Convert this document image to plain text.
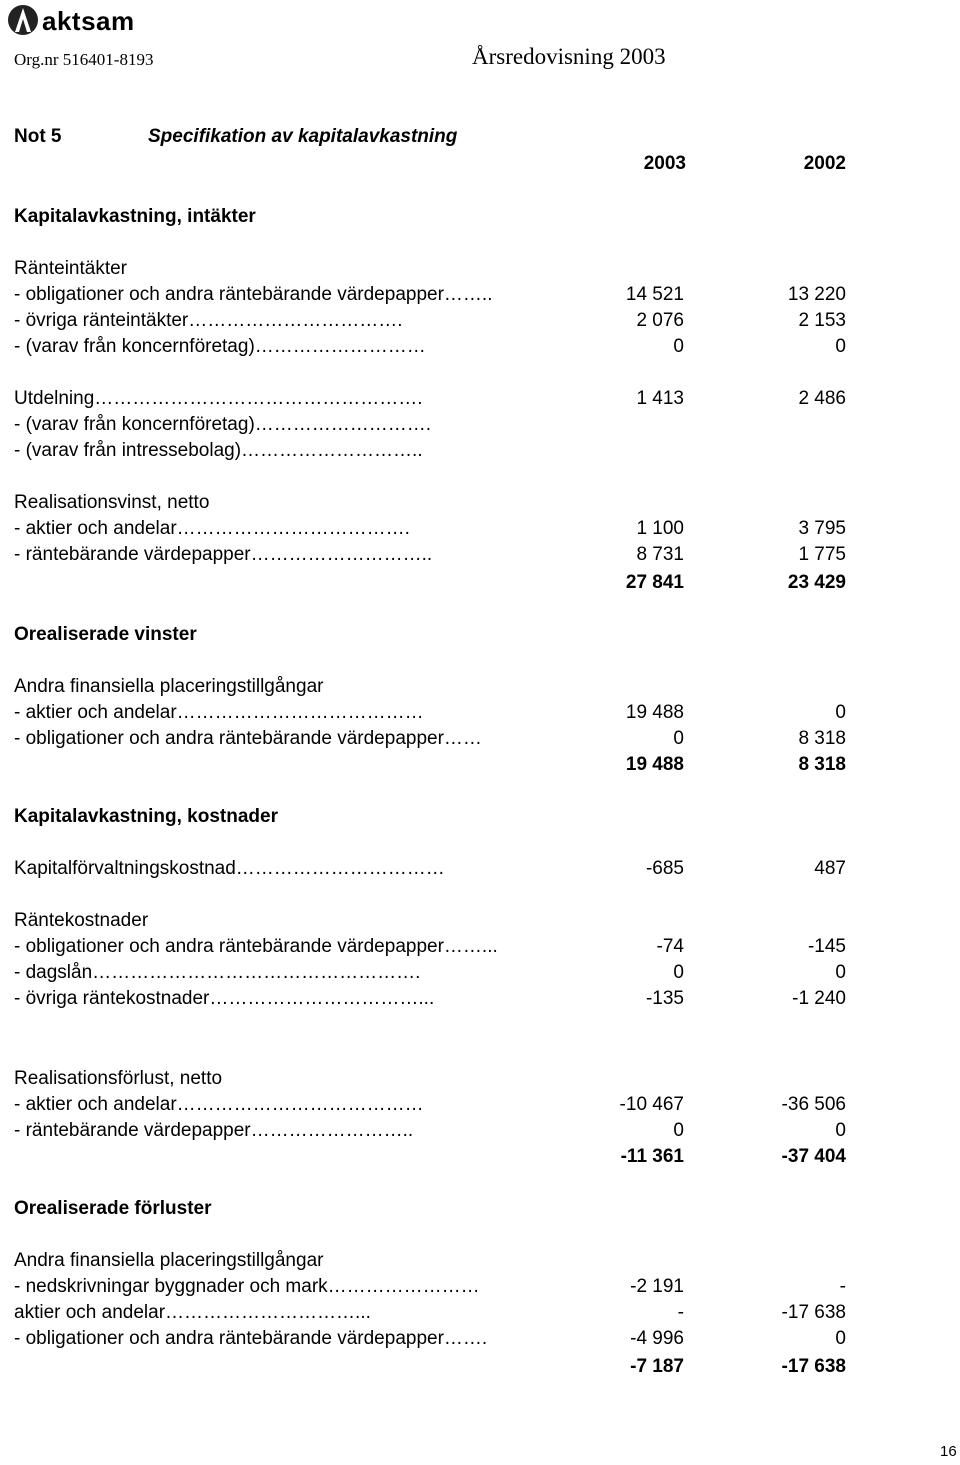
aktsam
Org.nr 516401-8193	Årsredovisning 2003
Not 5	Specifikation av kapitalavkastning
2003	2002
Kapitalavkastning, intäkter
Ränteintäkter
- obligationer och andra räntebärande värdepapper……..	14 521	13 220
- övriga ränteintäkter…………………………….	2 076	2 153
- (varav från koncernföretag)………………………	0	0
Utdelning…………………………………………….	1 413	2 486
- (varav från koncernföretag)……………………….
- (varav från intressebolag)………………………..
Realisationsvinst, netto
- aktier och andelar……………………………….	1 100	3 795
- räntebärande värdepapper………………………..	8 731	1 775
27 841	23 429
Orealiserade vinster
Andra finansiella placeringstillgångar
- aktier och andelar…………………………………	19 488	0
- obligationer och andra räntebärande värdepapper……	0	8 318
19 488	8 318
Kapitalavkastning, kostnader
Kapitalförvaltningskostnad……………………………	-685	487
Räntekostnader
- obligationer och andra räntebärande värdepapper……...	-74	-145
- dagslån…………………………………………….	0	0
- övriga räntekostnader……………………………...	-135	-1 240
Realisationsförlust, netto
- aktier och andelar…………………………………	-10 467	-36 506
- räntebärande värdepapper……………………..	0	0
-11 361	-37 404
Orealiserade förluster
Andra finansiella placeringstillgångar
- nedskrivningar byggnader och mark……………………	-2 191	-
aktier och andelar…………………………...	-	-17 638
- obligationer och andra räntebärande värdepapper…….	-4 996	0
-7 187	-17 638
16
